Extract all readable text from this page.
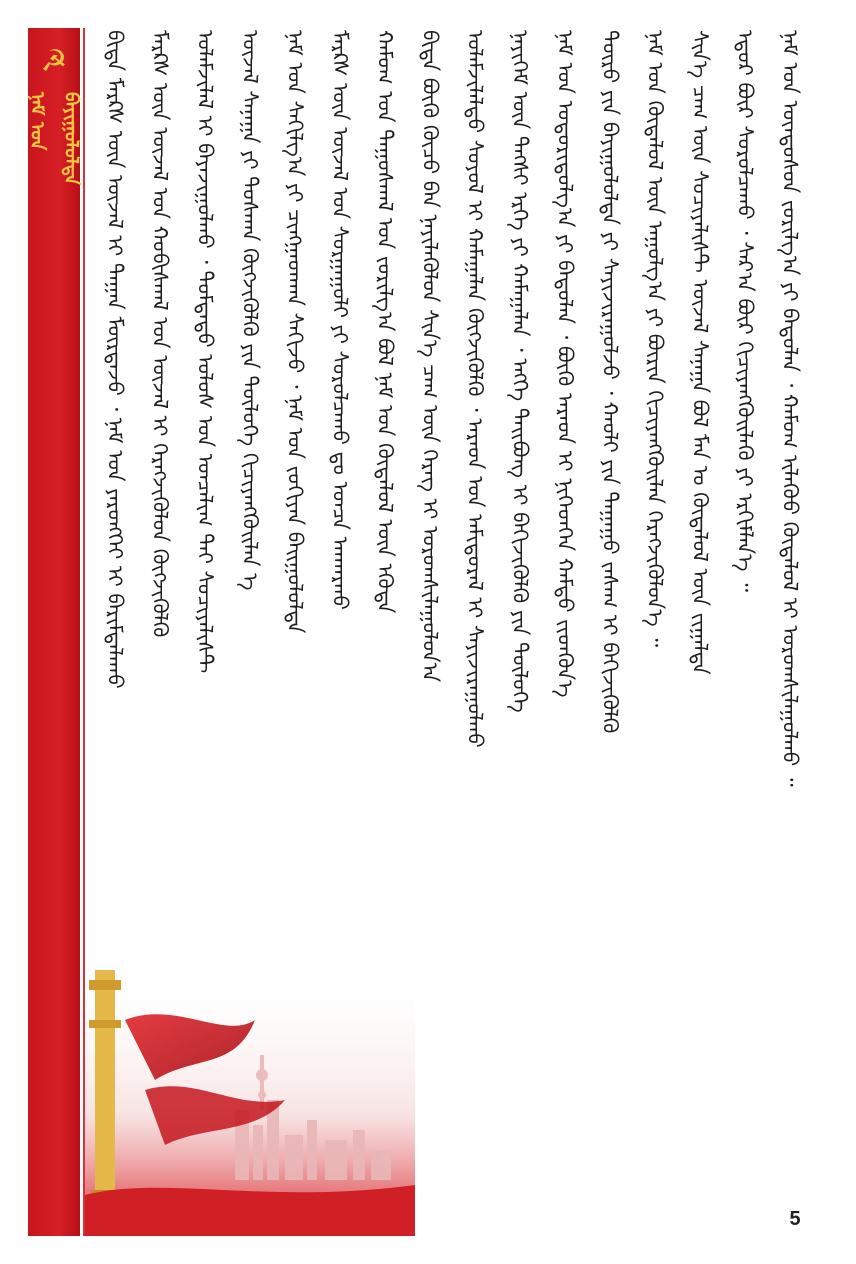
☭
ᠨᠠᠮ ᠤᠨ ᠪᠠᠶᠢᠭᠤᠯᠤᠯᠲᠠ ᠪᠢᠳᠡ ᠮᠠᠷᠺᠰ ᠦᠨ ᠦᠵᠡᠯ ᠢ ᠳᠠᠭᠠᠨ ᠮᠦᠷᠳᠡᠵᠦ ᠂ ᠨᠠᠮ ᠤᠨ ᠶᠡᠷᠦᠩᠬᠡᠢ ᠢ ᠪᠠᠷᠢᠮᠲᠠᠯᠠᠬᠤ ᠮᠠᠷᠺᠰ ᠦᠨ ᠦᠵᠡᠯ ᠤᠨ ᠬᠤᠪᠢᠰᠬᠠᠯ ᠤᠨ ᠦᠵᠡᠯ ᠢ ᠬᠡᠷᠡᠭᠵᠢᠭᠦᠯᠦᠨ ᠬᠥᠭᠵᠢᠭᠦᠯᠬᠦ ᠤᠯᠠᠮᠵᠢᠯᠠᠯ ᠢ ᠪᠠᠶᠠᠵᠢᠭᠤᠯᠬᠤ ᠂ ᠳᠤᠮᠳᠠᠳᠤ ᠤᠯᠤᠰ ᠤᠨ ᠣᠨᠴᠠᠯᠢᠭ ᠲᠠᠢ ᠰᠣᠴᠢᠶᠠᠯᠢᠰᠲ ᠦᠵᠡᠯ ᠰᠠᠨᠠᠭᠠ ᠶᠢ ᠲᠤᠰᠬᠠᠨ ᠬᠥᠭᠵᠢᠭᠦᠯᠬᠦ ᠶᠢᠨ ᠲᠥᠯᠦᠭᠡ ᠬᠢᠴᠢᠶᠡᠩᠭᠦᠢᠯᠡᠨ ᠡ ᠨᠠᠮ ᠤᠨ ᠰᠠᠬᠢᠯᠭ᠎ᠠ ᠶᠢ ᠴᠢᠩᠭᠠᠳᠬᠠᠨ ᠰᠠᠬᠢᠵᠤ ᠂ ᠨᠠᠮ ᠤᠨ ᠵᠣᠬᠢᠶᠠᠨ ᠪᠠᠢᠭᠤᠯᠤᠯᠲᠠ ᠮᠠᠷᠺᠰ ᠦᠨ ᠦᠵᠡᠯ ᠤᠨ ᠰᠤᠷᠭᠠᠭᠤᠯᠢ ᠶᠢ ᠰᠤᠷᠤᠯᠴᠠᠬᠤ ᠳᠤ ᠣᠨᠴᠠ ᠠᠨᠬᠠᠷᠬᠤ ᠬᠠᠮᠤᠭ ᠤᠨ ᠳᠠᠭᠤᠰᠬᠠᠯ ᠤᠨ ᠵᠣᠷᠢᠯᠭ᠎ᠠ ᠪᠣᠯ ᠨᠠᠮ ᠤᠨ ᠬᠥᠳᠡᠯᠦᠯ ᠦᠨ ᠡᠭᠦᠳᠡ ᠪᠢᠳᠡ ᠪᠦᠬᠦ ᠬᠦᠴᠦ ᠪᠡᠨ ᠨᠡᠶᠢᠯᠡᠭᠦᠯᠦᠨ ᠰᠢᠨ᠎ᠡ ᠴᠠᠭ ᠦᠨ ᠬᠡᠷᠡᠭ ᠢ ᠤᠷᠤᠭᠰᠢᠯᠠᠭᠤᠯᠤᠨ᠎ᠠ ᠤᠯᠠᠮᠵᠢᠯᠠᠯᠲᠤ ᠰᠣᠶᠤᠯ ᠢ ᠬᠠᠮᠠᠭᠠᠯᠠᠨ ᠬᠥᠭᠵᠢᠭᠦᠯᠬᠦ ᠂ ᠠᠷᠠᠳ ᠤᠨ ᠠᠮᠢᠳᠤᠷᠠᠯ ᠢ ᠰᠠᠶᠢᠵᠢᠷᠠᠭᠤᠯᠬᠤ ᠨᠡᠶᠢᠭᠡᠮ ᠦᠨ ᠲᠡᠭᠰᠢ ᠡᠷᠬᠡ ᠶᠢ ᠬᠠᠮᠠᠭᠠᠯᠠᠨ ᠂ ᠡᠩᠬᠡ ᠲᠠᠢᠪᠤᠩ ᠢ ᠪᠡᠬᠢᠵᠢᠭᠦᠯᠬᠦ ᠶᠢᠨ ᠲᠥᠯᠦᠭᠡ ᠨᠠᠮ ᠤᠨ ᠤᠳᠤᠷᠢᠳᠤᠯᠭ᠎ᠠ ᠶᠢ ᠪᠠᠲᠤᠯᠠᠨ ᠂ ᠪᠦᠬᠦ ᠠᠷᠠᠳ ᠢ ᠨᠢᠭᠡᠳᠬᠡᠨ ᠬᠠᠮᠲᠤ ᠵᠢᠳᠬᠦᠨ᠎ᠡ ᠲᠥᠷᠦ ᠶᠢᠨ ᠪᠠᠶᠢᠭᠤᠯᠤᠯᠲᠠ ᠶᠢ ᠰᠠᠶᠢᠵᠢᠷᠠᠭᠤᠯᠵᠤ ᠂ ᠬᠠᠤᠯᠢ ᠶᠢᠨ ᠳᠠᠭᠠᠭᠤ ᠵᠠᠰᠠᠭ ᠢ ᠪᠡᠬᠢᠵᠢᠭᠦᠯᠬᠦ ᠨᠠᠮ ᠤᠨ ᠬᠥᠳᠡᠯᠦᠯ ᠦᠨ ᠠᠭᠤᠯᠭ᠎ᠠ ᠶᠢ ᠪᠦᠷᠢᠨ ᠬᠢᠴᠢᠶᠡᠩᠭᠦᠢᠯᠡᠨ ᠬᠡᠷᠡᠭᠵᠢᠭᠦᠯᠦᠨ᠎ᠡ ᠃ ᠰᠢᠨ᠎ᠡ ᠴᠠᠭ ᠦᠨ ᠰᠣᠴᠢᠶᠠᠯᠢᠰᠲ ᠦᠵᠡᠯ ᠰᠠᠨᠠᠭᠠ ᠪᠣᠯ ᠮᠠᠨ ᠤ ᠬᠥᠳᠡᠯᠦᠯ ᠦᠨ ᠵᠢᠭᠠᠯᠲᠠ ᠡᠳᠦᠷ ᠪᠦᠷ ᠰᠤᠷᠤᠯᠴᠠᠬᠤ ᠂ ᠰᠠᠷ᠎ᠠ ᠪᠦᠷ ᠬᠢᠴᠢᠶᠡᠩᠭᠦᠢᠯᠡᠬᠦ ᠶᠢ ᠡᠷᠬᠢᠮᠯᠡᠨ᠎ᠡ ᠃ ᠨᠠᠮ ᠤᠨ ᠦᠨᠳᠦᠰᠦᠨ ᠵᠣᠷᠢᠯᠭ᠎ᠠ ᠶᠢ ᠪᠠᠲᠤᠯᠠᠨ ᠂ ᠬᠠᠮᠤᠭ ᠢᠯᠡᠭᠦᠦ ᠬᠥᠳᠡᠯᠦᠯ ᠢ ᠤᠷᠤᠭᠰᠢᠯᠠᠭᠤᠯᠬᠤ ᠃
5
